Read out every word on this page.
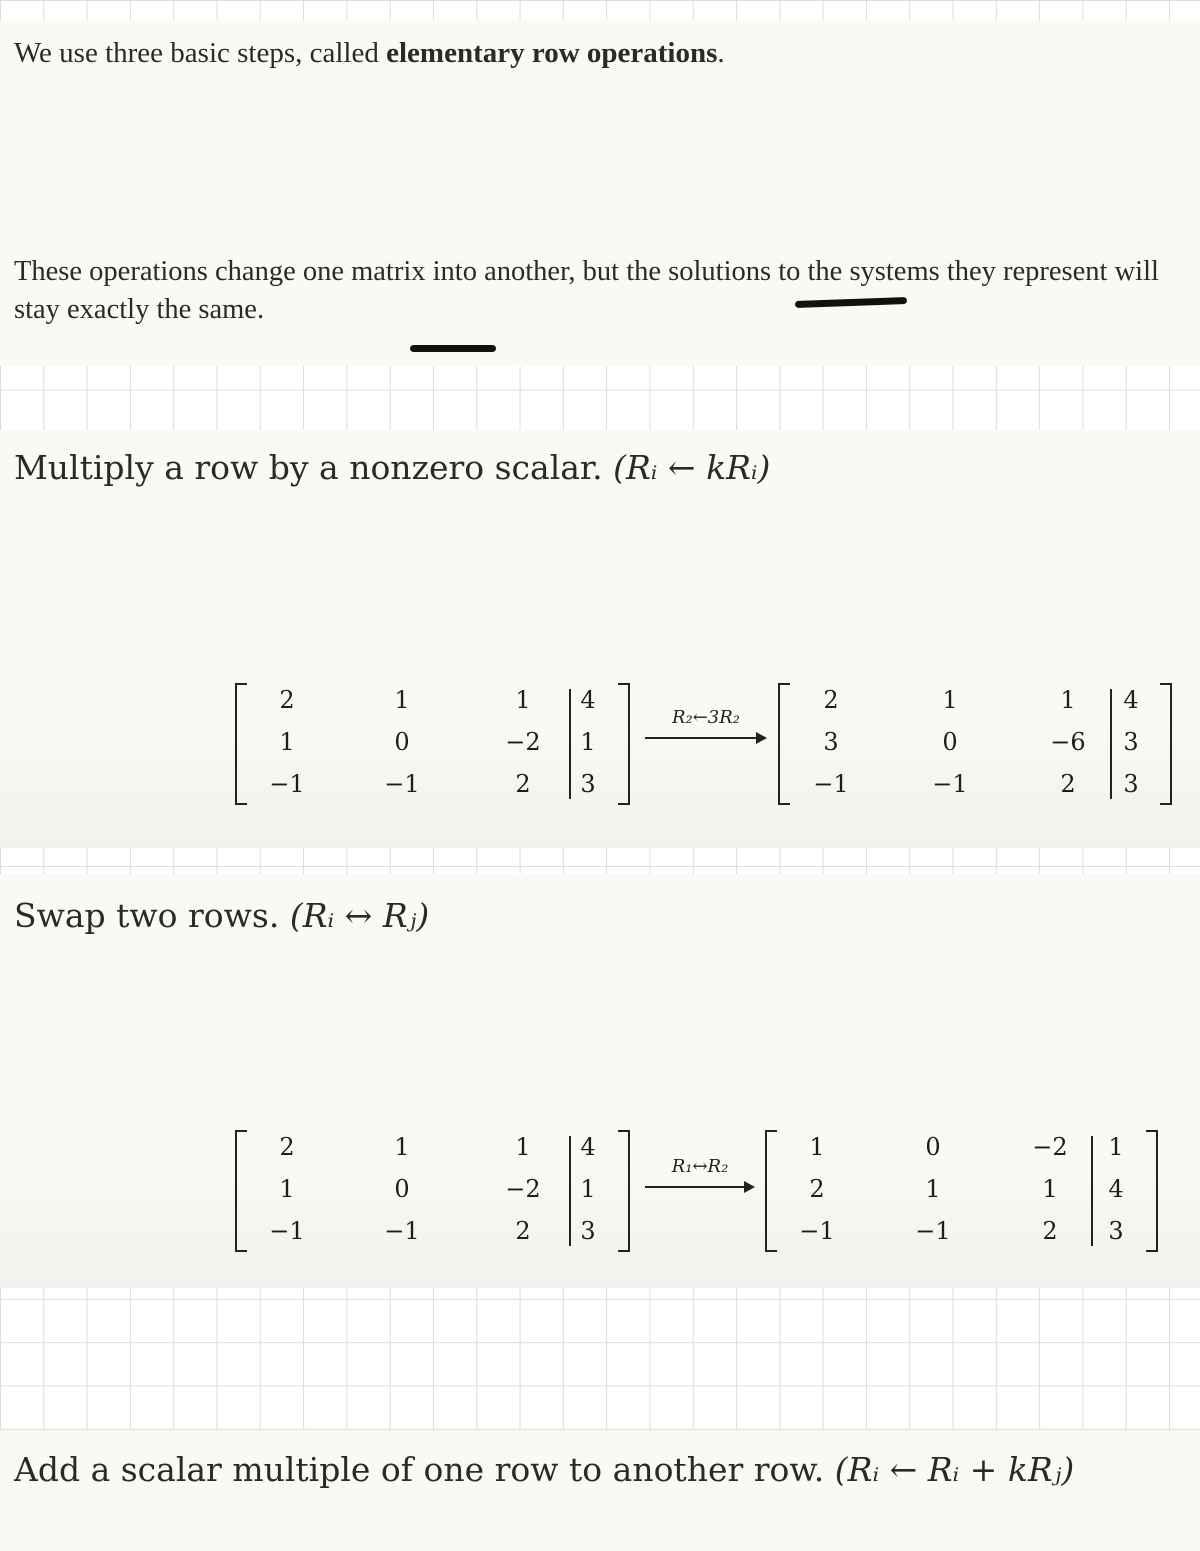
We use three basic steps, called elementary row operations.
These operations change one matrix into another, but the solutions to the systems they represent will stay exactly the same.
Multiply a row by a nonzero scalar. (Rᵢ ← kRᵢ)
Swap two rows. (Rᵢ ↔ Rⱼ)
Add a scalar multiple of one row to another row. (Rᵢ ← Rᵢ + kRⱼ)
2	1	1	4
1	0	−2	1
−1	−1	2	3
R₂←3R₂
2	1	1	4
3	0	−6	3
−1	−1	2	3
2	1	1	4
1	0	−2	1
−1	−1	2	3
R₁↔R₂
1	0	−2	1
2	1	1	4
−1	−1	2	3
